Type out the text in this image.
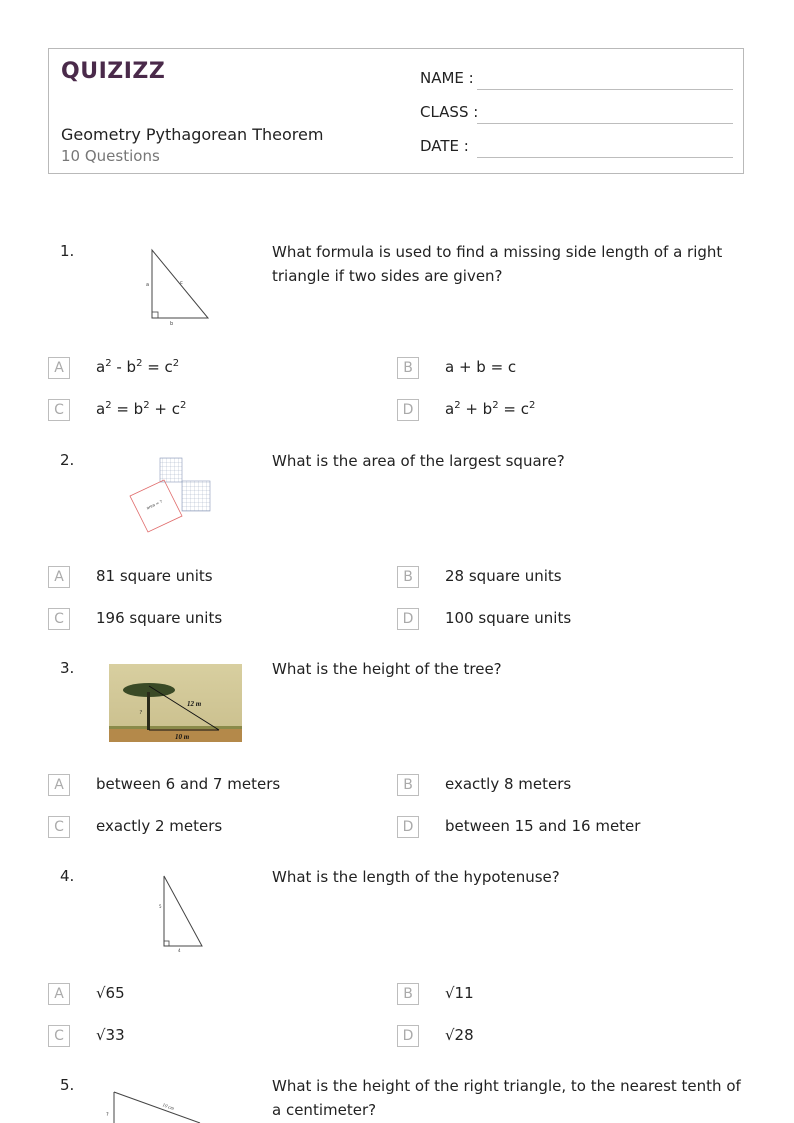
QUIZIZZ
Geometry Pythagorean Theorem
10 Questions
NAME :
CLASS :
DATE :
1.
a	c
b
What formula is used to find a missing side length of a right triangle if two sides are given?
A	$a^2 - b^2 = c^2$	B	a + b = c
C	$a^2 = b^2 + c^2$	D	$a^2 + b^2 = c^2$
2.
area = ?
What is the area of the largest square?
A	81 square units	B	28 square units
C	196 square units	D	100 square units
3.
12 m
10 m
?
What is the height of the tree?
A	between 6 and 7 meters	B	exactly 8 meters
C	exactly 2 meters	D	between 15 and 16 meter
4.
5
4
What is the length of the hypotenuse?
A	√65	B	√11
C	√33	D	√28
5.
10 cm
?
What is the height of the right triangle, to the nearest tenth of a centimeter?
